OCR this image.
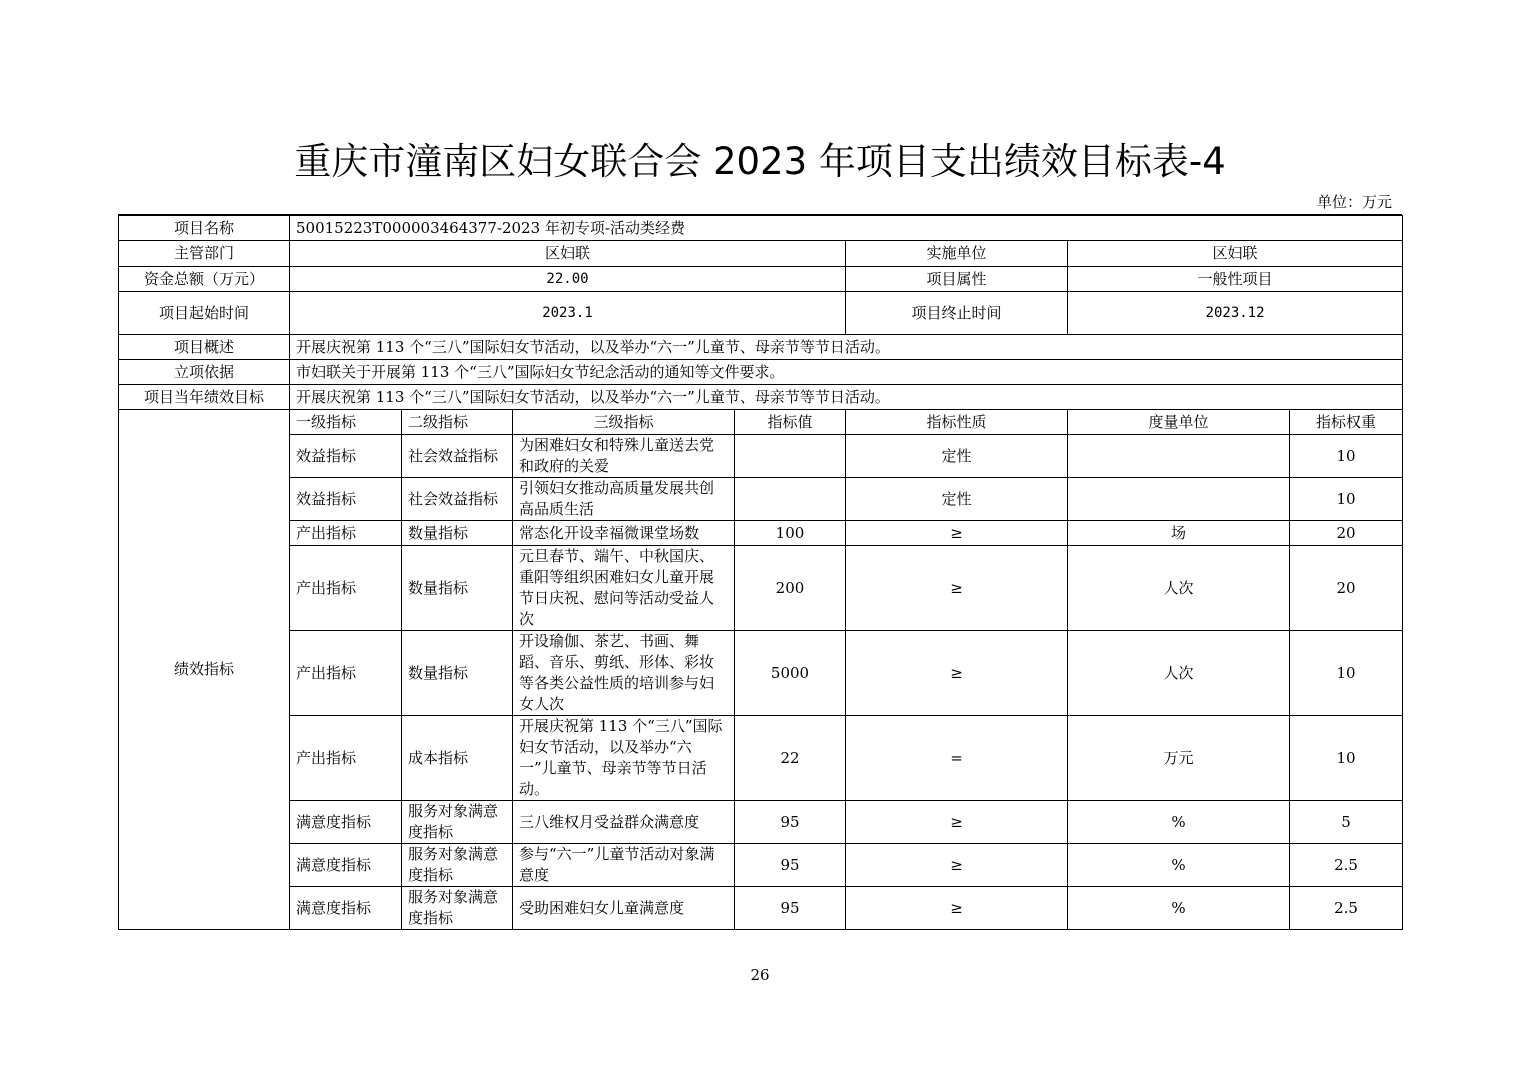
重庆市潼南区妇女联合会 2023 年项目支出绩效目标表-4
单位：万元
项目名称	50015223T000003464377-2023 年初专项-活动类经费						
主管部门	区妇联				实施单位	区妇联	
资金总额（万元）	22.00				项目属性	一般性项目	
项目起始时间	2023.1				项目终止时间	2023.12	
项目概述	开展庆祝第 113 个“三八”国际妇女节活动，以及举办“六一”儿童节、母亲节等节日活动。						
立项依据	市妇联关于开展第 113 个“三八”国际妇女节纪念活动的通知等文件要求。						
项目当年绩效目标	开展庆祝第 113 个“三八”国际妇女节活动，以及举办“六一”儿童节、母亲节等节日活动。						
绩效指标	一级指标	二级指标	三级指标	指标值	指标性质	度量单位	指标权重
	效益指标	社会效益指标	为困难妇女和特殊儿童送去党和政府的关爱		定性		10
	效益指标	社会效益指标	引领妇女推动高质量发展共创高品质生活		定性		10
	产出指标	数量指标	常态化开设幸福微课堂场数	100	≥	场	20
	产出指标	数量指标	元旦春节、端午、中秋国庆、重阳等组织困难妇女儿童开展节日庆祝、慰问等活动受益人次	200	≥	人次	20
	产出指标	数量指标	开设瑜伽、茶艺、书画、舞蹈、音乐、剪纸、形体、彩妆等各类公益性质的培训参与妇女人次	5000	≥	人次	10
	产出指标	成本指标	开展庆祝第 113 个“三八”国际妇女节活动，以及举办“六一”儿童节、母亲节等节日活动。	22	=	万元	10
	满意度指标	服务对象满意度指标	三八维权月受益群众满意度	95	≥	%	5
	满意度指标	服务对象满意度指标	参与“六一”儿童节活动对象满意度	95	≥	%	2.5
	满意度指标	服务对象满意度指标	受助困难妇女儿童满意度	95	≥	%	2.5
26
